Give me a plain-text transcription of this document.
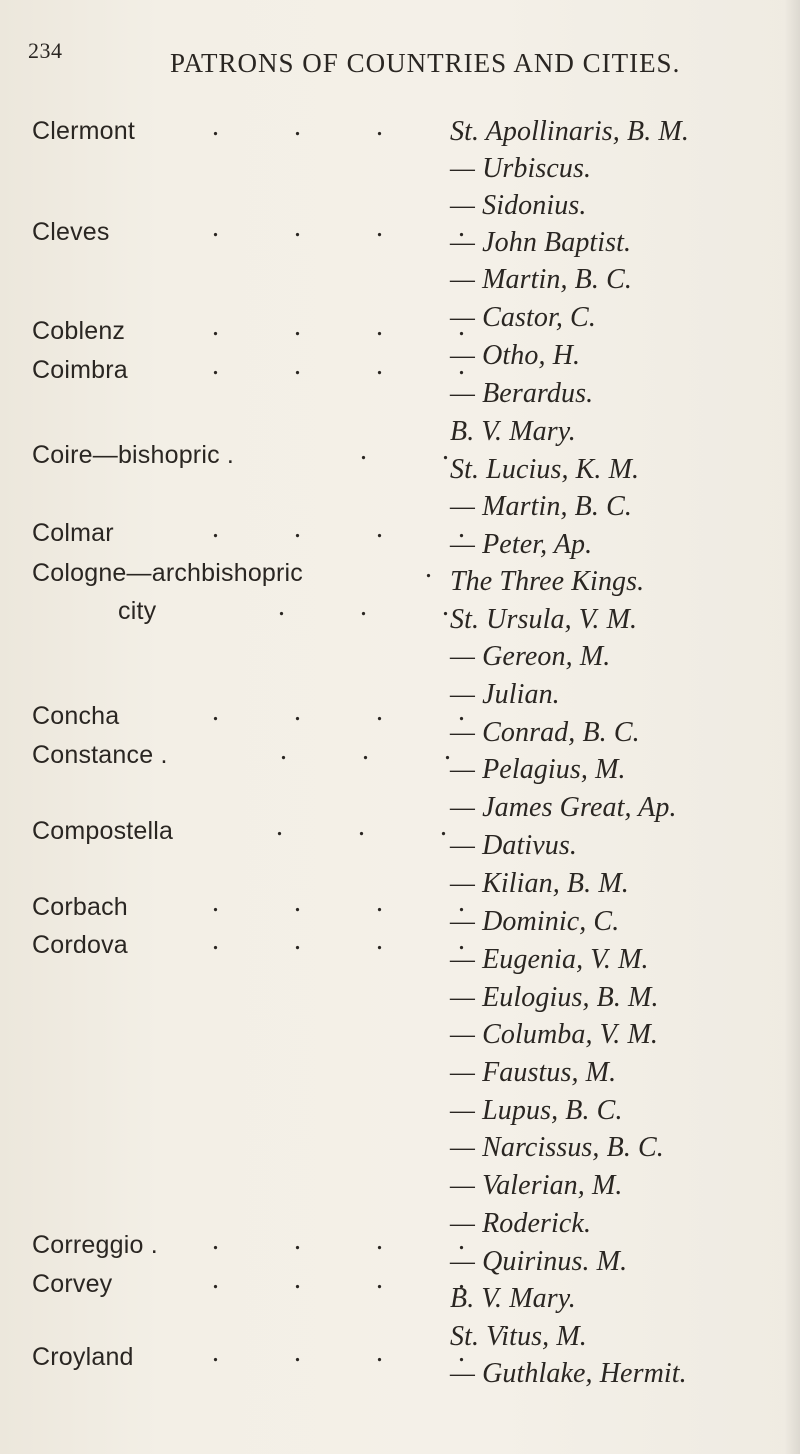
234	PATRONS OF COUNTRIES AND CITIES.
Clermont
Cleves
Coblenz
Coimbra
Coire—bishopric .
Colmar
Cologne—archbishopric
city
Concha
Constance .
Compostella
Corbach
Cordova
Correggio .
Corvey
Croyland
. . . .
. . . .
. . . .
. . . .
. .
. . . .
.
. . .
. . . .
. . .
. . .
. . . .
. . . .
. . . .
. . . .
. . . .
St. Apollinaris, B. M.
— Urbiscus.
— Sidonius.
— John Baptist.
— Martin, B. C.
— Castor, C.
— Otho, H.
— Berardus.
B. V. Mary.
St. Lucius, K. M.
— Martin, B. C.
— Peter, Ap.
The Three Kings.
St. Ursula, V. M.
— Gereon, M.
— Julian.
— Conrad, B. C.
— Pelagius, M.
— James Great, Ap.
— Dativus.
— Kilian, B. M.
— Dominic, C.
— Eugenia, V. M.
— Eulogius, B. M.
— Columba, V. M.
— Faustus, M.
— Lupus, B. C.
— Narcissus, B. C.
— Valerian, M.
— Roderick.
— Quirinus. M.
B. V. Mary.
St. Vitus, M.
— Guthlake, Hermit.
